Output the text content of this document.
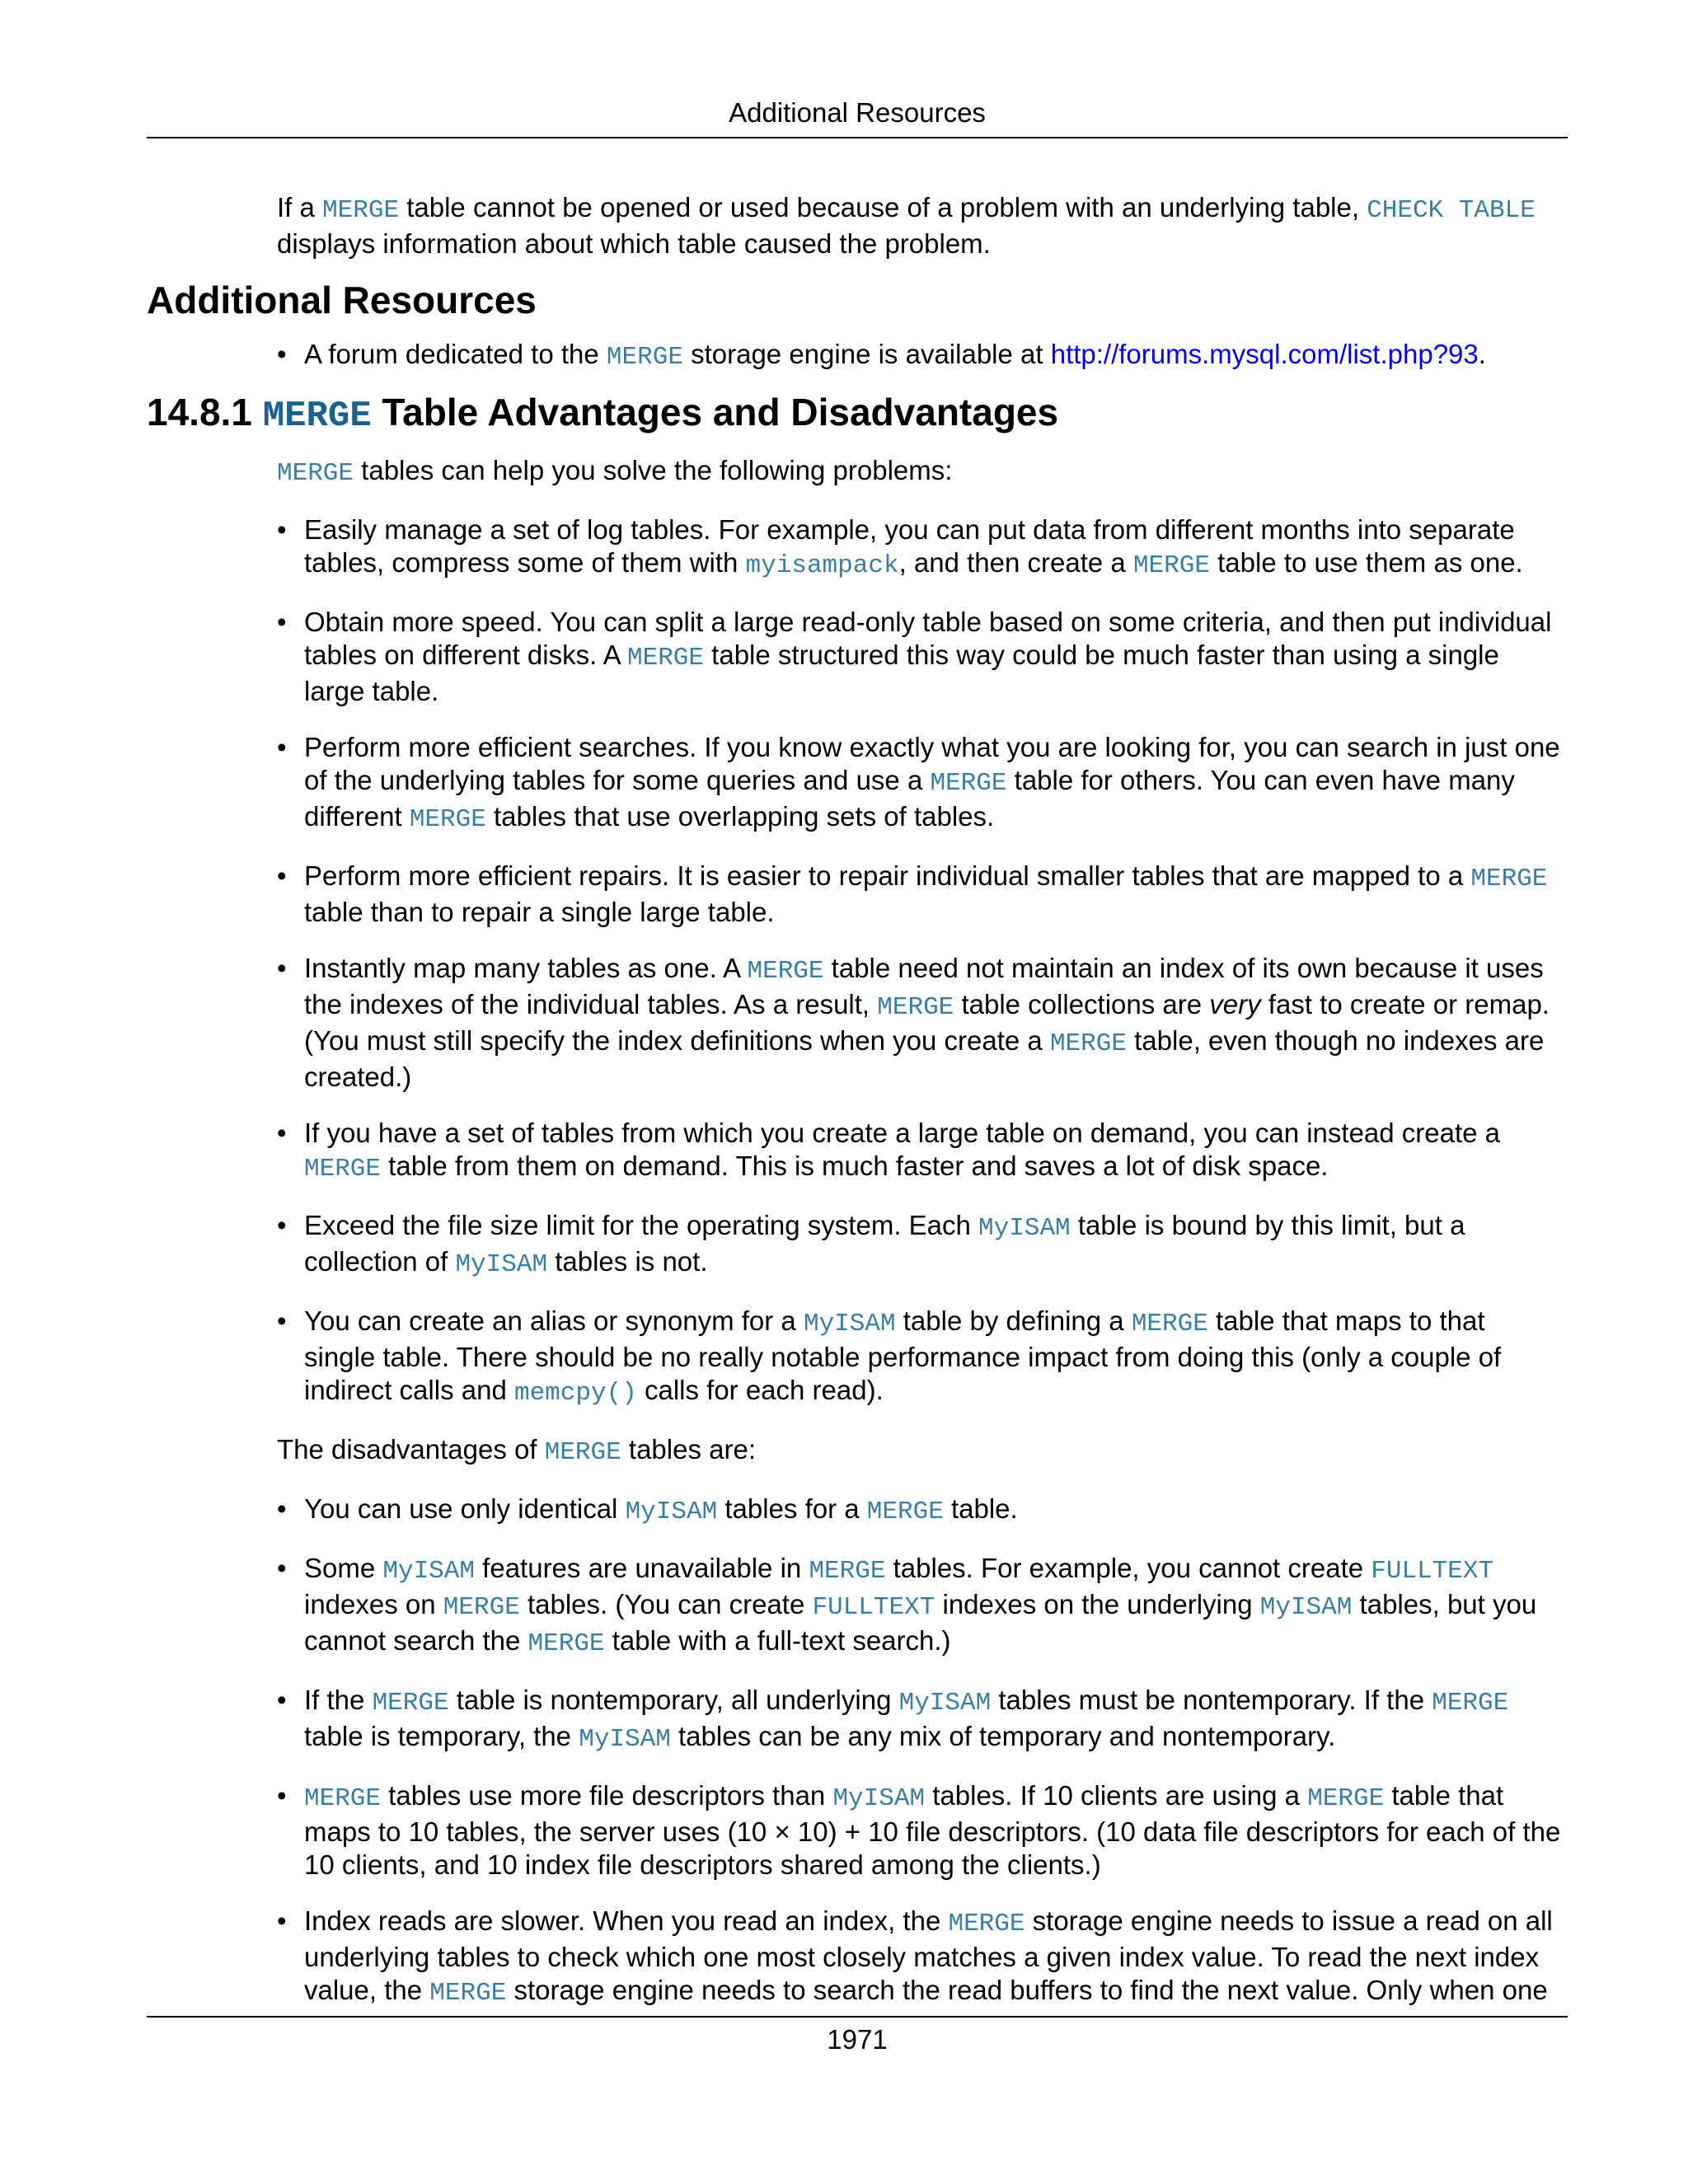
Additional Resources

If a MERGE table cannot be opened or used because of a problem with an underlying table, CHECK TABLE displays information about which table caused the problem.

Additional Resources
• A forum dedicated to the MERGE storage engine is available at http://forums.mysql.com/list.php?93.
14.8.1 MERGE Table Advantages and Disadvantages

MERGE tables can help you solve the following problems:

• Easily manage a set of log tables. For example, you can put data from different months into separate tables, compress some of them with myisampack, and then create a MERGE table to use them as one.
• Obtain more speed. You can split a large read-only table based on some criteria, and then put individual tables on different disks. A MERGE table structured this way could be much faster than using a single large table.
• Perform more efficient searches. If you know exactly what you are looking for, you can search in just one of the underlying tables for some queries and use a MERGE table for others. You can even have many different MERGE tables that use overlapping sets of tables.
• Perform more efficient repairs. It is easier to repair individual smaller tables that are mapped to a MERGE table than to repair a single large table.
• Instantly map many tables as one. A MERGE table need not maintain an index of its own because it uses the indexes of the individual tables. As a result, MERGE table collections are very fast to create or remap. (You must still specify the index definitions when you create a MERGE table, even though no indexes are created.)
• If you have a set of tables from which you create a large table on demand, you can instead create a MERGE table from them on demand. This is much faster and saves a lot of disk space.
• Exceed the file size limit for the operating system. Each MyISAM table is bound by this limit, but a collection of MyISAM tables is not.
• You can create an alias or synonym for a MyISAM table by defining a MERGE table that maps to that single table. There should be no really notable performance impact from doing this (only a couple of indirect calls and memcpy() calls for each read).

The disadvantages of MERGE tables are:

• You can use only identical MyISAM tables for a MERGE table.
• Some MyISAM features are unavailable in MERGE tables. For example, you cannot create FULLTEXT indexes on MERGE tables. (You can create FULLTEXT indexes on the underlying MyISAM tables, but you cannot search the MERGE table with a full-text search.)
• If the MERGE table is nontemporary, all underlying MyISAM tables must be nontemporary. If the MERGE table is temporary, the MyISAM tables can be any mix of temporary and nontemporary.
• MERGE tables use more file descriptors than MyISAM tables. If 10 clients are using a MERGE table that maps to 10 tables, the server uses (10 × 10) + 10 file descriptors. (10 data file descriptors for each of the 10 clients, and 10 index file descriptors shared among the clients.)
• Index reads are slower. When you read an index, the MERGE storage engine needs to issue a read on all underlying tables to check which one most closely matches a given index value. To read the next index value, the MERGE storage engine needs to search the read buffers to find the next value. Only when one
1971
